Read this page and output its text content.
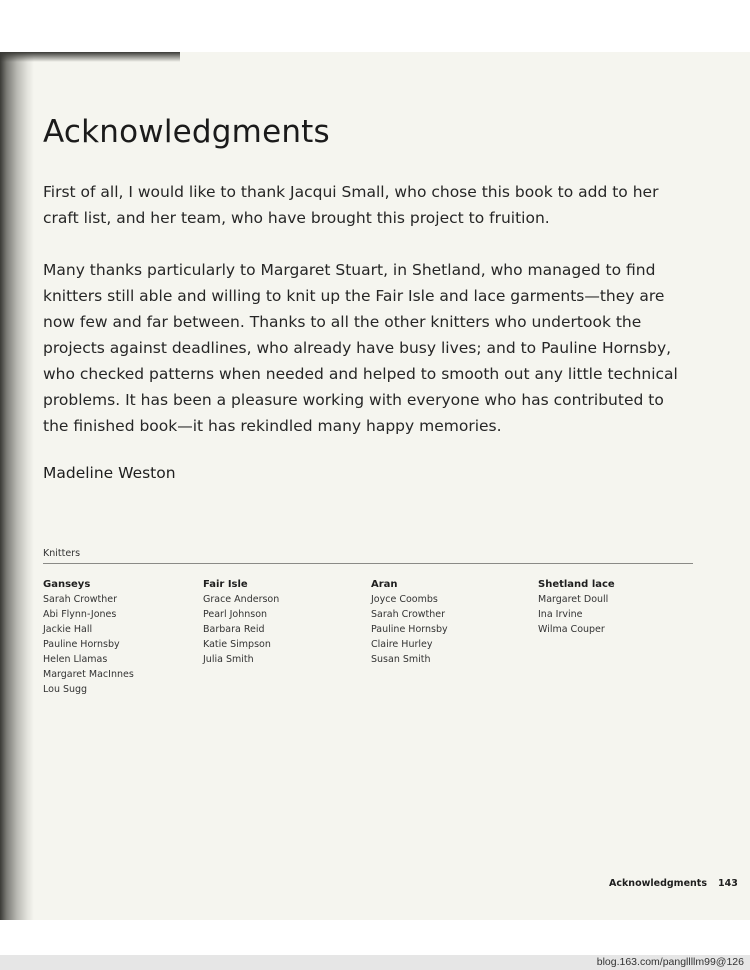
Acknowledgments

First of all, I would like to thank Jacqui Small, who chose this book to add to her craft list, and her team, who have brought this project to fruition.

Many thanks particularly to Margaret Stuart, in Shetland, who managed to find knitters still able and willing to knit up the Fair Isle and lace garments—they are now few and far between. Thanks to all the other knitters who undertook the projects against deadlines, who already have busy lives; and to Pauline Hornsby, who checked patterns when needed and helped to smooth out any little technical problems. It has been a pleasure working with everyone who has contributed to the finished book—it has rekindled many happy memories.

Madeline Weston

Knitters
Ganseys
Sarah Crowther
Abi Flynn-Jones
Jackie Hall
Pauline Hornsby
Helen Llamas
Margaret MacInnes
Lou Sugg
Fair Isle
Grace Anderson
Pearl Johnson
Barbara Reid
Katie Simpson
Julia Smith
Aran
Joyce Coombs
Sarah Crowther
Pauline Hornsby
Claire Hurley
Susan Smith
Shetland lace
Margaret Doull
Ina Irvine
Wilma Couper
Acknowledgments 143
blog.163.com/pangllllm99@126
